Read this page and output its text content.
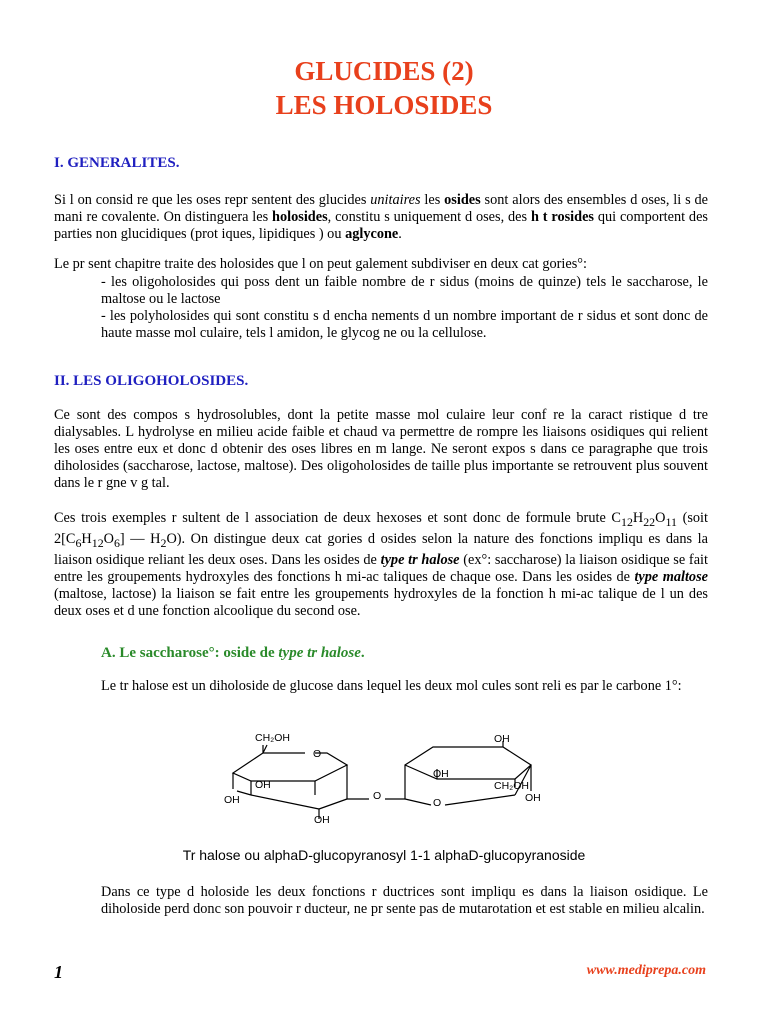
GLUCIDES (2)
LES HOLOSIDES
I. GENERALITES.
Si l on consid re que les oses repr sentent des glucides unitaires les osides sont alors des ensembles d oses, li s de mani re covalente. On distinguera les holosides, constitu s uniquement d oses, des h t rosides qui comportent des parties non glucidiques (prot iques, lipidiques ) ou aglycone.
Le pr sent chapitre traite des holosides que l on peut galement subdiviser en deux cat gories°:
- les oligoholosides qui poss dent un faible nombre de r sidus (moins de quinze) tels le saccharose, le maltose ou le lactose
- les polyholosides qui sont constitu s d encha nements d un nombre important de r sidus et sont donc de haute masse mol culaire, tels l amidon, le glycog ne ou la cellulose.
II. LES OLIGOHOLOSIDES.
Ce sont des compos s hydrosolubles, dont la petite masse mol culaire leur conf re la caract ristique d tre dialysables. L hydrolyse en milieu acide faible et chaud va permettre de rompre les liaisons osidiques qui relient les oses entre eux et donc d obtenir des oses libres en m lange. Ne seront expos s dans ce paragraphe que trois diholosides (saccharose, lactose, maltose). Des oligoholosides de taille plus importante se retrouvent plus souvent dans le r gne v g tal.
Ces trois exemples r sultent de l association de deux hexoses et sont donc de formule brute $C_{12}H_{22}O_{11}$ (soit $2[C_6H_{12}O_6]$ — $H_2O$). On distingue deux cat gories d osides selon la nature des fonctions impliqu es dans la liaison osidique reliant les deux oses. Dans les osides de type tr halose (ex°: saccharose) la liaison osidique se fait entre les groupements hydroxyles des fonctions h mi-ac taliques de chaque ose. Dans les osides de type maltose (maltose, lactose) la liaison se fait entre les groupements hydroxyles de la fonction h mi-ac talique de l un des deux oses et d une fonction alcoolique du second ose.
A. Le saccharose°: oside de type tr halose.
Le tr halose est un diholoside de glucose dans lequel les deux mol cules sont reli es par le carbone 1°:
CH₂OH
O
OH
OH
OH
O
OH
OH
CH₂OH
OH
O
Tr halose ou alphaD-glucopyranosyl 1-1 alphaD-glucopyranoside
Dans ce type d holoside les deux fonctions r ductrices sont impliqu es dans la liaison osidique. Le diholoside perd donc son pouvoir r ducteur, ne pr sente pas de mutarotation et est stable en milieu alcalin.
1	www.mediprepa.com
